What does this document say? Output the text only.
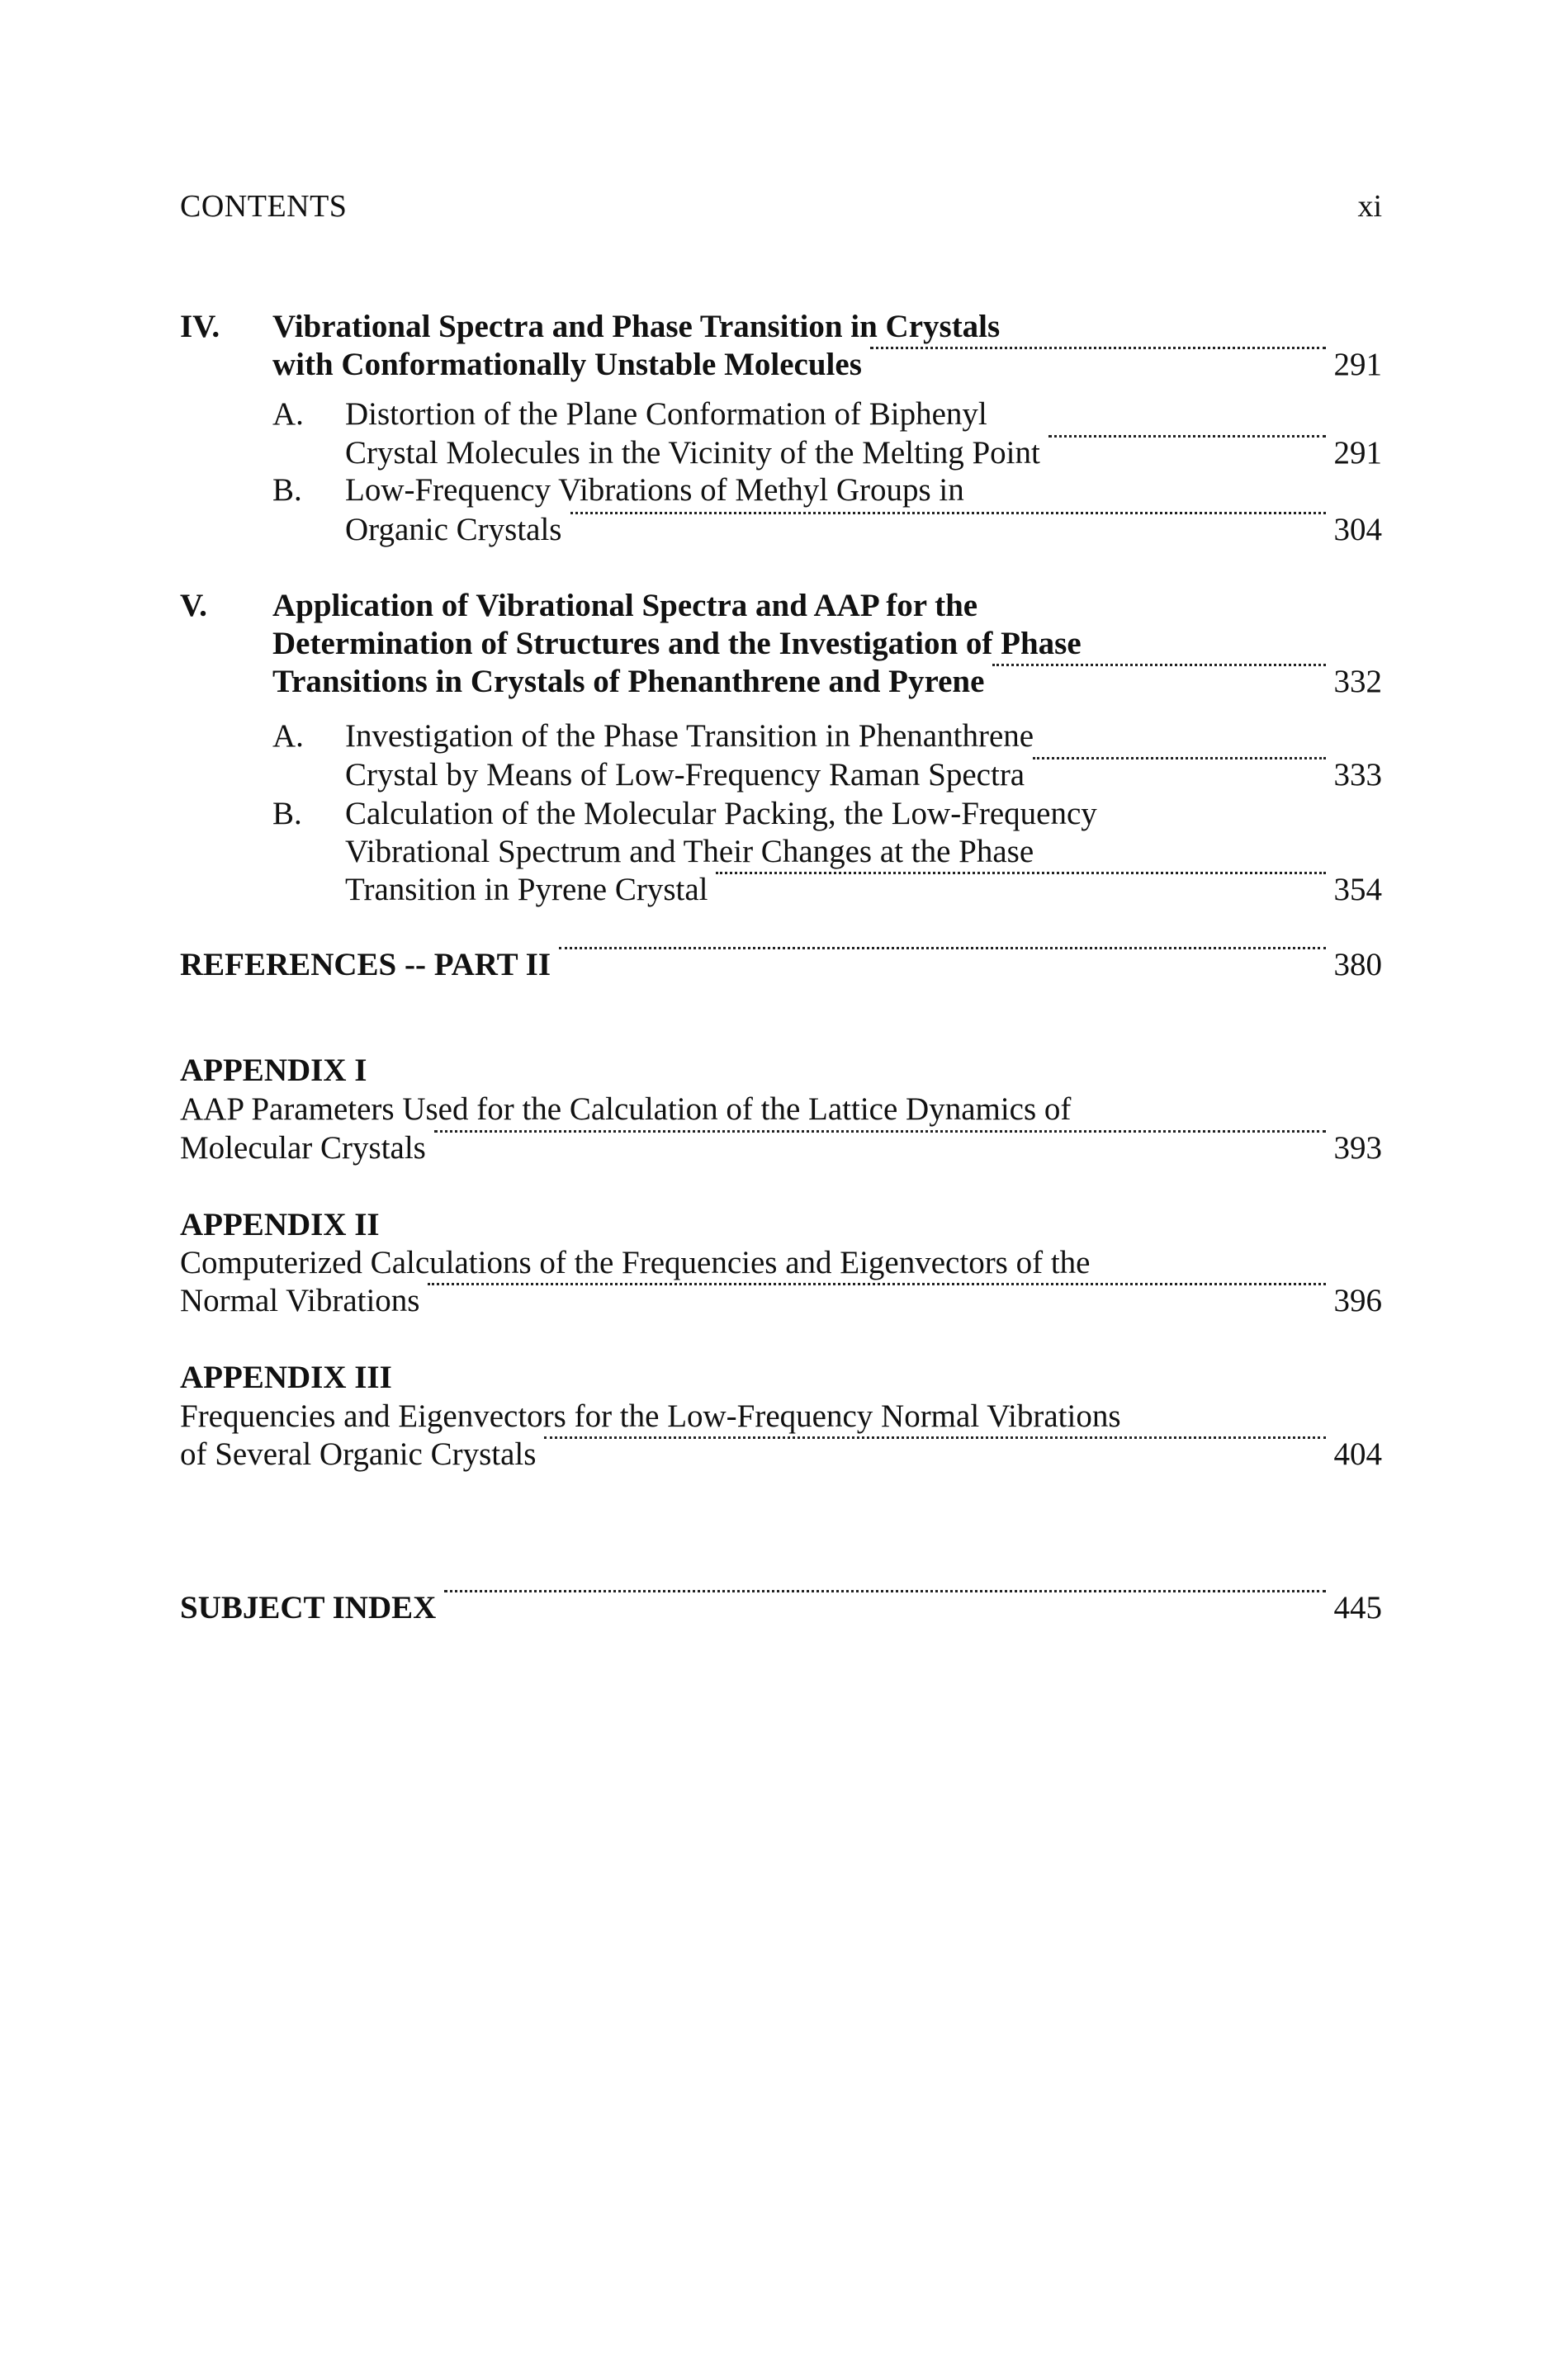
CONTENTS	xi
IV. Vibrational Spectra and Phase Transition in Crystals
with Conformationally Unstable Molecules	291
A. Distortion of the Plane Conformation of Biphenyl
Crystal Molecules in the Vicinity of the Melting Point	291
B. Low-Frequency Vibrations of Methyl Groups in
Organic Crystals	304
V. Application of Vibrational Spectra and AAP for the
Determination of Structures and the Investigation of Phase
Transitions in Crystals of Phenanthrene and Pyrene	332
A. Investigation of the Phase Transition in Phenanthrene
Crystal by Means of Low-Frequency Raman Spectra	333
B. Calculation of the Molecular Packing, the Low-Frequency
Vibrational Spectrum and Their Changes at the Phase
Transition in Pyrene Crystal	354
REFERENCES -- PART II	380
APPENDIX I
AAP Parameters Used for the Calculation of the Lattice Dynamics of
Molecular Crystals	393
APPENDIX II
Computerized Calculations of the Frequencies and Eigenvectors of the
Normal Vibrations	396
APPENDIX III
Frequencies and Eigenvectors for the Low-Frequency Normal Vibrations
of Several Organic Crystals	404
SUBJECT INDEX	445
